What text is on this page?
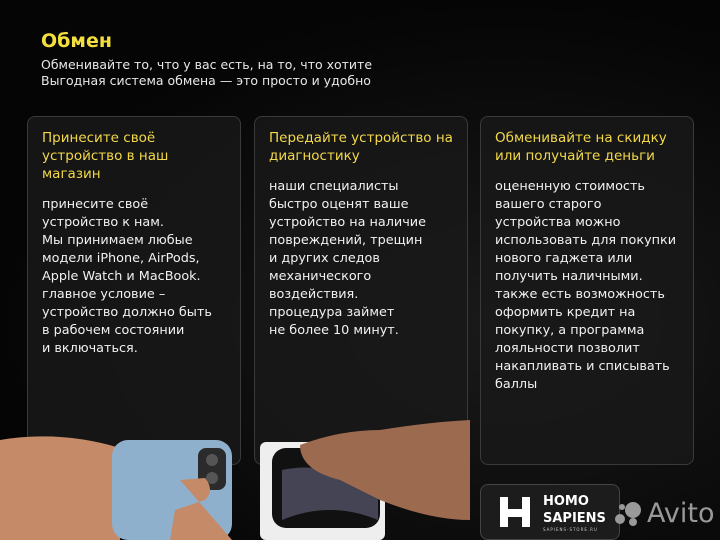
Обмен
Обменивайте то, что у вас есть, на то, что хотите
Выгодная система обмена — это просто и удобно
Принесите своё устройство в наш магазин
принесите своё
устройство к нам.
Мы принимаем любые
модели iPhone, AirPods,
Apple Watch и MacBook.
главное условие –
устройство должно быть
в рабочем состоянии
и включаться.
Передайте устройство на диагностику
наши специалисты
быстро оценят ваше
устройство на наличие
повреждений, трещин
и других следов
механического
воздействия.
процедура займет
не более 10 минут.
Обменивайте на скидку или получайте деньги
оцененную стоимость
вашего старого
устройства можно
использовать для покупки
нового гаджета или
получить наличными.
также есть возможность
оформить кредит на
покупку, а программа
лояльности позволит
накапливать и списывать
баллы
HOMO
SAPIENS
SAPIENS-STORE.RU Avito
